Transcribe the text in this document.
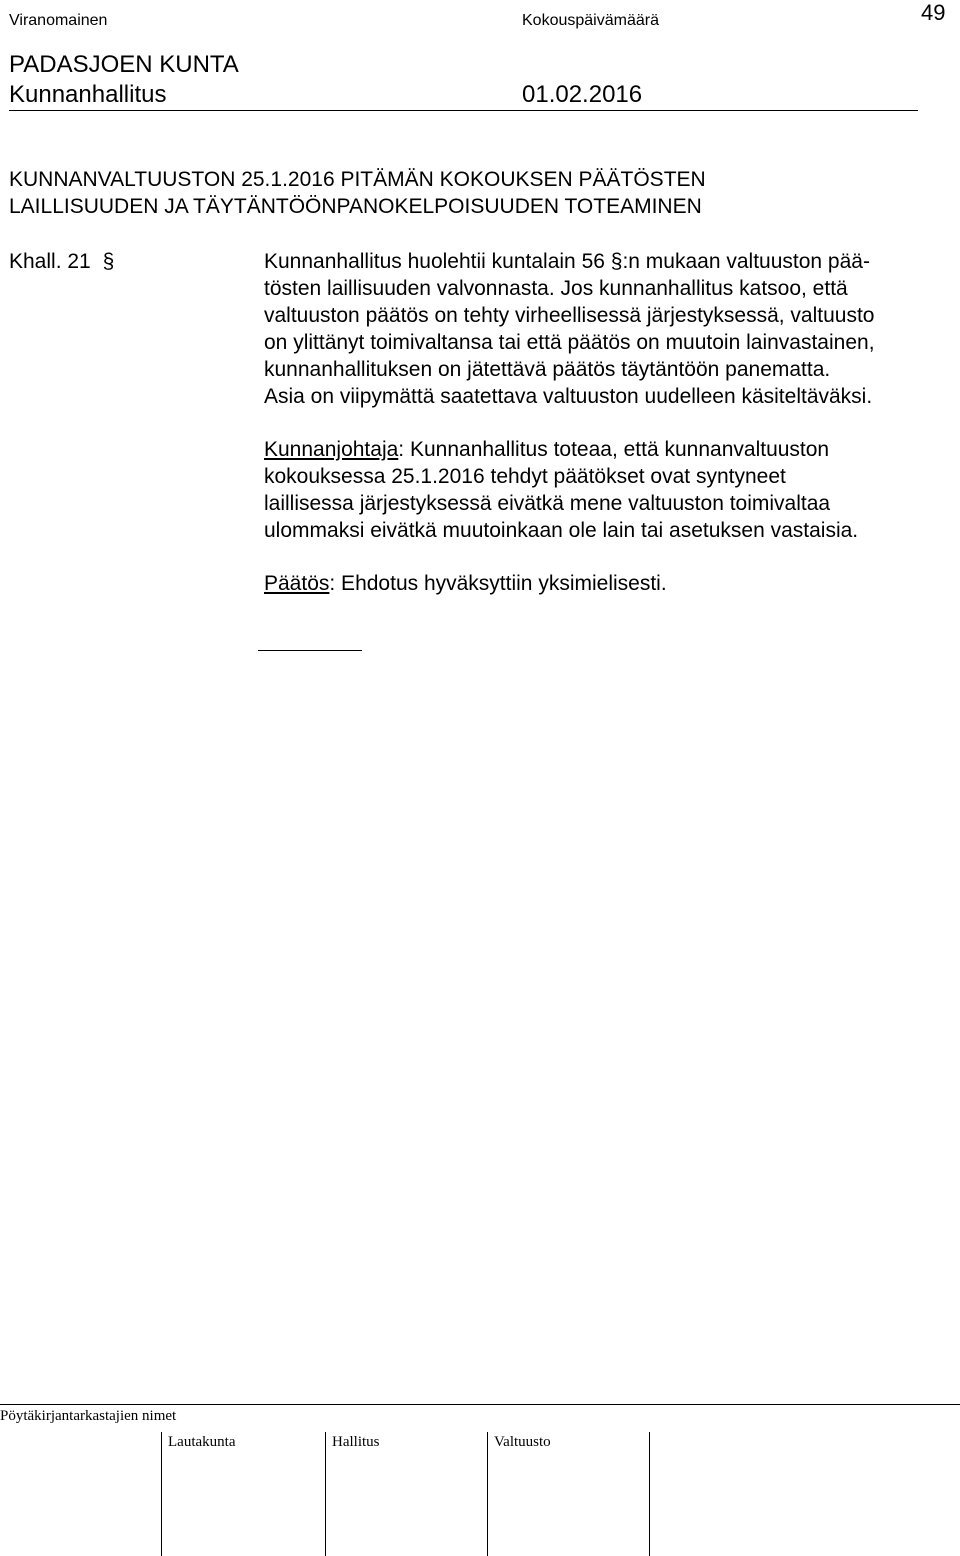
Viranomainen	Kokouspäivämäärä	49
PADASJOEN KUNTA
Kunnanhallitus	01.02.2016
KUNNANVALTUUSTON 25.1.2016 PITÄMÄN KOKOUKSEN PÄÄTÖSTEN
LAILLISUUDEN JA TÄYTÄNTÖÖNPANOKELPOISUUDEN TOTEAMINEN
Khall. 21 §	Kunnanhallitus huolehtii kuntalain 56 §:n mukaan valtuuston pää-

tösten laillisuuden valvonnasta. Jos kunnanhallitus katsoo, että

valtuuston päätös on tehty virheellisessä järjestyksessä, valtuusto

on ylittänyt toimivaltansa tai että päätös on muutoin lainvastainen,

kunnanhallituksen on jätettävä päätös täytäntöön panematta.

Asia on viipymättä saatettava valtuuston uudelleen käsiteltäväksi.

Kunnanjohtaja: Kunnanhallitus toteaa, että kunnanvaltuuston

kokouksessa 25.1.2016 tehdyt päätökset ovat syntyneet

laillisessa järjestyksessä eivätkä mene valtuuston toimivaltaa

ulommaksi eivätkä muutoinkaan ole lain tai asetuksen vastaisia.

Päätös: Ehdotus hyväksyttiin yksimielisesti.

Pöytäkirjantarkastajien nimet
Lautakunta	Hallitus	Valtuusto
